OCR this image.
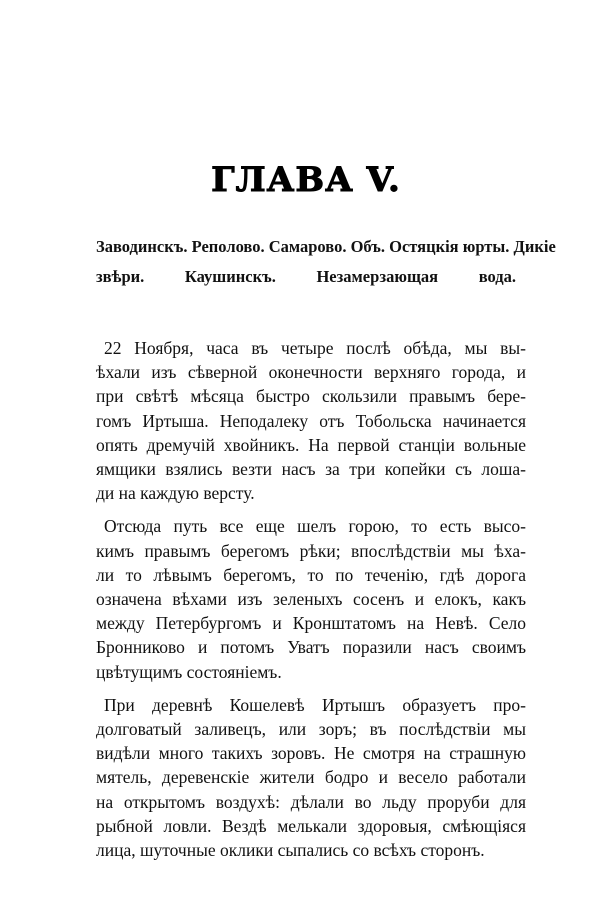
ГЛАВА V.

Заводинскъ. Реполово. Самарово. Объ. Остяцкія юрты. Дикіе
звѣри. Каушинскъ. Незамерзающая вода.

22 Ноября, часа въ четыре послѣ обѣда, мы вы-
ѣхали изъ сѣверной оконечности верхняго города, и
при свѣтѣ мѣсяца быстро скользили правымъ бере-
гомъ Иртыша. Неподалеку отъ Тобольска начинается
опять дремучій хвойникъ. На первой станціи вольные
ямщики взялись везти насъ за три копейки съ лоша-
ди на каждую версту.

Отсюда путь все еще шелъ горою, то есть высо-
кимъ правымъ берегомъ рѣки; впослѣдствіи мы ѣха-
ли то лѣвымъ берегомъ, то по теченію, гдѣ дорога
означена вѣхами изъ зеленыхъ сосенъ и елокъ, какъ
между Петербургомъ и Кронштатомъ на Невѣ. Село
Бронниково и потомъ Уватъ поразили насъ своимъ
цвѣтущимъ состояніемъ.

При деревнѣ Кошелевѣ Иртышъ образуетъ про-
долговатый заливецъ, или зоръ; въ послѣдствіи мы
видѣли много такихъ зоровъ. Не смотря на страшную
мятель, деревенскіе жители бодро и весело работали
на открытомъ воздухѣ: дѣлали во льду проруби для
рыбной ловли. Вездѣ мелькали здоровыя, смѣющіяся
лица, шуточные оклики сыпались со всѣхъ сторонъ.
